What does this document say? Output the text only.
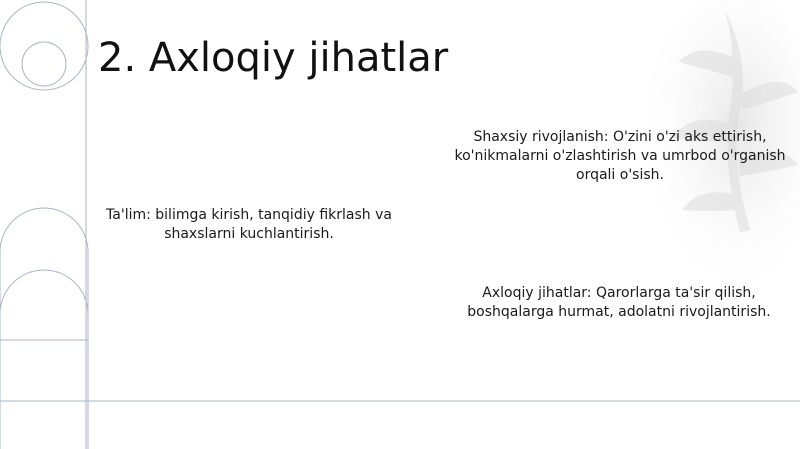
2. Axloqiy jihatlar
Shaxsiy rivojlanish: O'zini o'zi aks ettirish, ko'nikmalarni o'zlashtirish va umrbod o'rganish orqali o'sish.
Ta'lim: bilimga kirish, tanqidiy fikrlash va shaxslarni kuchlantirish.
Axloqiy jihatlar: Qarorlarga ta'sir qilish, boshqalarga hurmat, adolatni rivojlantirish.
